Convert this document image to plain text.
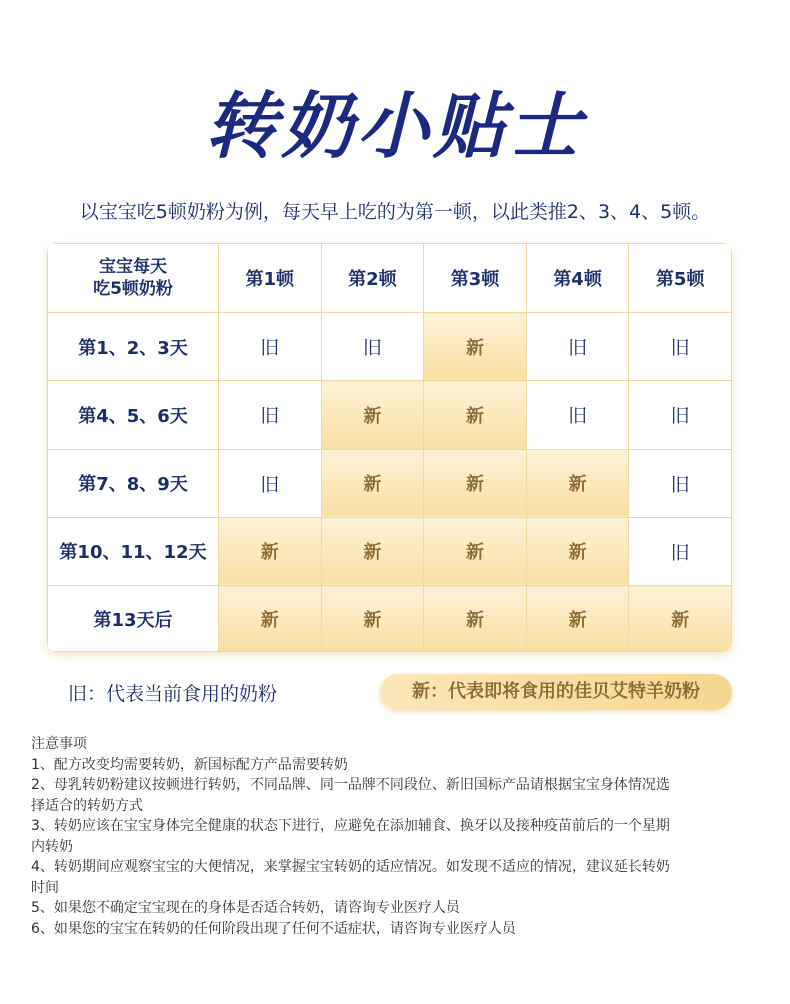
转奶小贴士
以宝宝吃5顿奶粉为例，每天早上吃的为第一顿，以此类推2、3、4、5顿。
宝宝每天
吃5顿奶粉	第1顿	第2顿	第3顿	第4顿	第5顿
第1、2、3天	旧	旧	新	旧	旧
第4、5、6天	旧	新	新	旧	旧
第7、8、9天	旧	新	新	新	旧
第10、11、12天	新	新	新	新	旧
第13天后	新	新	新	新	新
旧：代表当前食用的奶粉	新：代表即将食用的佳贝艾特羊奶粉
注意事项
1、配方改变均需要转奶，新国标配方产品需要转奶
2、母乳转奶粉建议按顿进行转奶，不同品牌、同一品牌不同段位、新旧国标产品请根据宝宝身体情况选
择适合的转奶方式
3、转奶应该在宝宝身体完全健康的状态下进行，应避免在添加辅食、换牙以及接种疫苗前后的一个星期
内转奶
4、转奶期间应观察宝宝的大便情况，来掌握宝宝转奶的适应情况。如发现不适应的情况，建议延长转奶
时间
5、如果您不确定宝宝现在的身体是否适合转奶，请咨询专业医疗人员
6、如果您的宝宝在转奶的任何阶段出现了任何不适症状，请咨询专业医疗人员
